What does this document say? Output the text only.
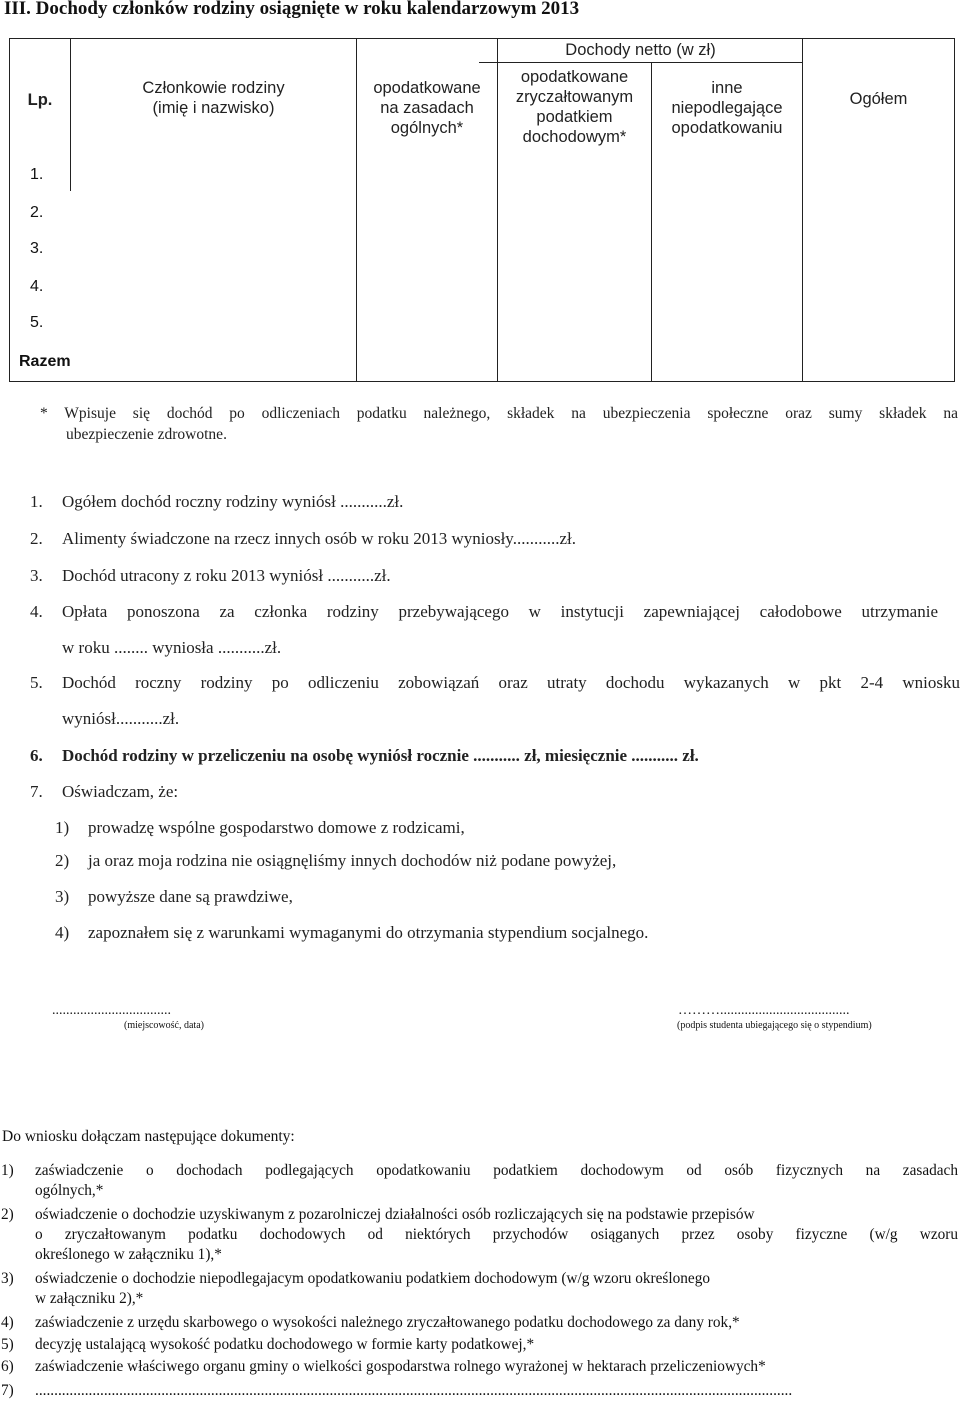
III. Dochody członków rodziny osiągnięte w roku kalendarzowym 2013
Lp.
Członkowie rodziny
(imię i nazwisko)
Dochody netto (w zł)
opodatkowane
na zasadach
ogólnych*
opodatkowane
zryczałtowanym
podatkiem
dochodowym*
inne
niepodlegające
opodatkowaniu
Ogółem
1.
2.
3.
4.
5.
Razem
* Wpisuje się dochód po odliczeniach podatku należnego, składek na ubezpieczenia społeczne oraz sumy składek na
ubezpieczenie zdrowotne.
1. Ogółem dochód roczny rodziny wyniósł ...........zł.
2. Alimenty świadczone na rzecz innych osób w roku 2013 wyniosły...........zł.
3. Dochód utracony z roku 2013 wyniósł ...........zł.
4. Opłata ponoszona za członka rodziny przebywającego w instytucji zapewniającej całodobowe utrzymanie
w roku ........ wyniosła ...........zł.
5. Dochód roczny rodziny po odliczeniu zobowiązań oraz utraty dochodu wykazanych w pkt 2-4 wniosku
wyniósł...........zł.
6. Dochód rodziny w przeliczeniu na osobę wyniósł rocznie ........... zł, miesięcznie ........... zł.
7. Oświadczam, że:
1) prowadzę wspólne gospodarstwo domowe z rodzicami,
2) ja oraz moja rodzina nie osiągnęliśmy innych dochodów niż podane powyżej,
3) powyższe dane są prawdziwe,
4) zapoznałem się z warunkami wymaganymi do otrzymania stypendium socjalnego.
..................................
(miejscowość, data)
……….....................................
(podpis studenta ubiegającego się o stypendium)
Do wniosku dołączam następujące dokumenty:
1) zaświadczenie o dochodach podlegających opodatkowaniu podatkiem dochodowym od osób fizycznych na zasadach
ogólnych,*
2) oświadczenie o dochodzie uzyskiwanym z pozarolniczej działalności osób rozliczających się na podstawie przepisów
o zryczałtowanym podatku dochodowych od niektórych przychodów osiąganych przez osoby fizyczne (w/g wzoru
określonego w załączniku 1),*
3) oświadczenie o dochodzie niepodlegajacym opodatkowaniu podatkiem dochodowym (w/g wzoru określonego
w załączniku 2),*
4) zaświadczenie z urzędu skarbowego o wysokości należnego zryczałtowanego podatku dochodowego za dany rok,*
5) decyzję ustalającą wysokość podatku dochodowego w formie karty podatkowej,*
6) zaświadczenie właściwego organu gminy o wielkości gospodarstwa rolnego wyrażonej w hektarach przeliczeniowych*
7) ......................................................................................................................................................................................................
